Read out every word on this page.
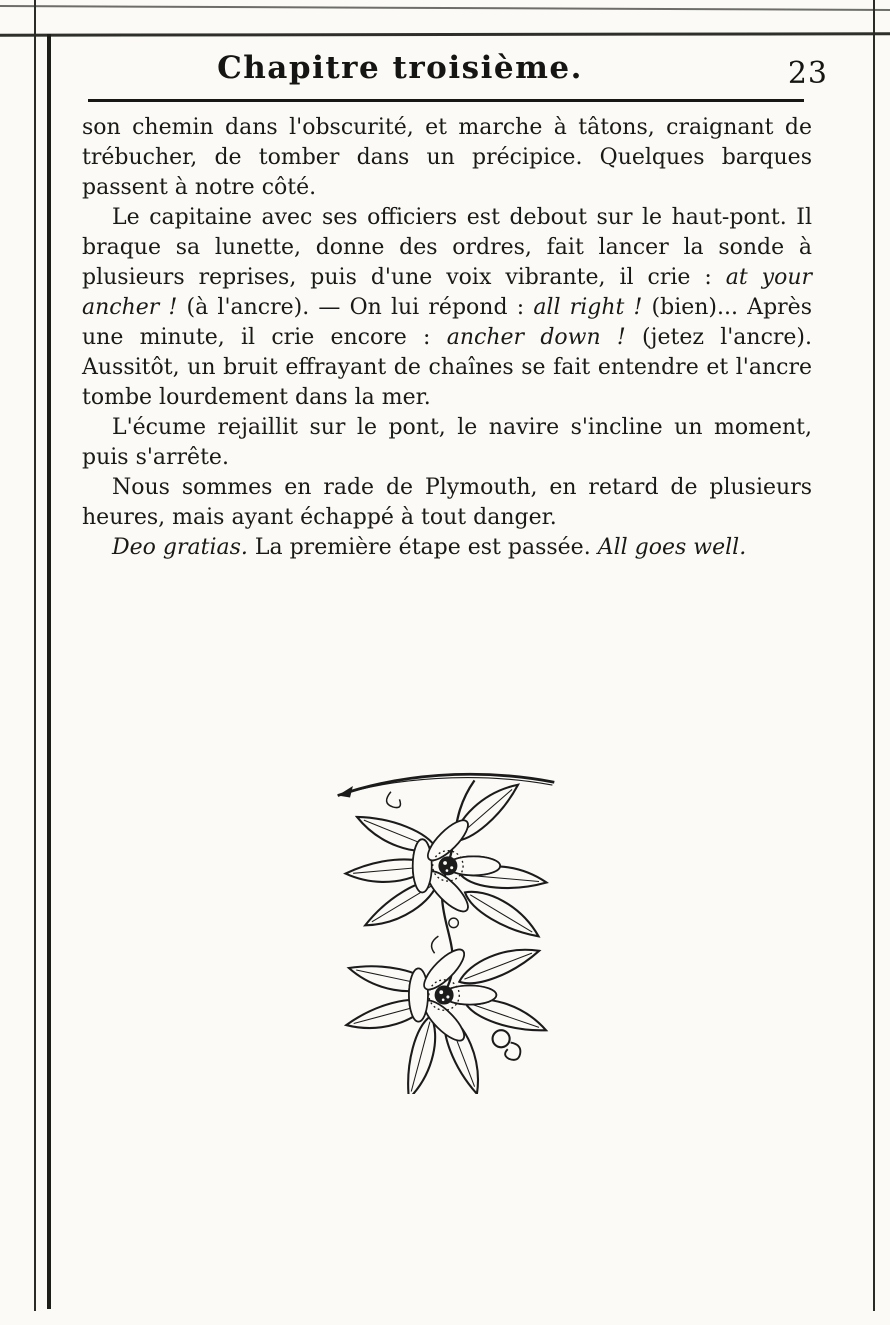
Chapitre troisième.	23

son chemin dans l'obscurité, et marche à tâtons, craignant de trébucher, de tomber dans un précipice. Quelques barques passent à notre côté.

Le capitaine avec ses officiers est debout sur le haut-pont. Il braque sa lunette, donne des ordres, fait lancer la sonde à plusieurs reprises, puis d'une voix vibrante, il crie : at your ancher ! (à l'ancre). — On lui répond : all right ! (bien)... Après une minute, il crie encore : ancher down ! (jetez l'ancre). Aussitôt, un bruit effrayant de chaînes se fait entendre et l'ancre tombe lourdement dans la mer.

L'écume rejaillit sur le pont, le navire s'incline un moment, puis s'arrête.

Nous sommes en rade de Plymouth, en retard de plusieurs heures, mais ayant échappé à tout danger.

Deo gratias. La première étape est passée. All goes well.
